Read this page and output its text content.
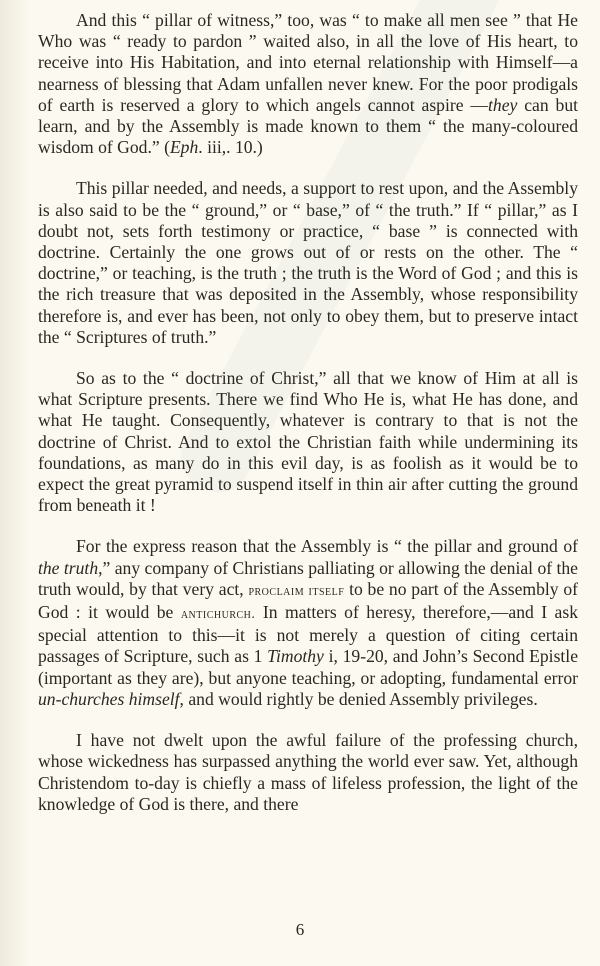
And this “ pillar of witness,” too, was “ to make all men see ” that He Who was “ ready to pardon ” waited also, in all the love of His heart, to receive into His Habitation, and into eternal relationship with Himself—a nearness of blessing that Adam unfallen never knew. For the poor prodigals of earth is reserved a glory to which angels cannot aspire —they can but learn, and by the Assembly is made known to them “ the many-coloured wisdom of God.” (Eph. iii,. 10.)

This pillar needed, and needs, a support to rest upon, and the Assembly is also said to be the “ ground,” or “ base,” of “ the truth.” If “ pillar,” as I doubt not, sets forth testimony or practice, “ base ” is connected with doctrine. Certainly the one grows out of or rests on the other. The “ doctrine,” or teaching, is the truth ; the truth is the Word of God ; and this is the rich treasure that was deposited in the Assembly, whose responsibility therefore is, and ever has been, not only to obey them, but to preserve intact the “ Scriptures of truth.”

So as to the “ doctrine of Christ,” all that we know of Him at all is what Scripture presents. There we find Who He is, what He has done, and what He taught. Consequently, whatever is contrary to that is not the doctrine of Christ. And to extol the Christian faith while undermining its foundations, as many do in this evil day, is as foolish as it would be to expect the great pyramid to suspend itself in thin air after cutting the ground from beneath it !

For the express reason that the Assembly is “ the pillar and ground of the truth,” any company of Christians palliating or allowing the denial of the truth would, by that very act, proclaim itself to be no part of the Assembly of God : it would be antichurch. In matters of heresy, therefore,—and I ask special attention to this—it is not merely a question of citing certain passages of Scripture, such as 1 Timothy i, 19-20, and John’s Second Epistle (important as they are), but anyone teaching, or adopting, fundamental error un-churches himself, and would rightly be denied Assembly privileges.

I have not dwelt upon the awful failure of the professing church, whose wickedness has surpassed anything the world ever saw. Yet, although Christendom to-day is chiefly a mass of lifeless profession, the light of the knowledge of God is there, and there

6
